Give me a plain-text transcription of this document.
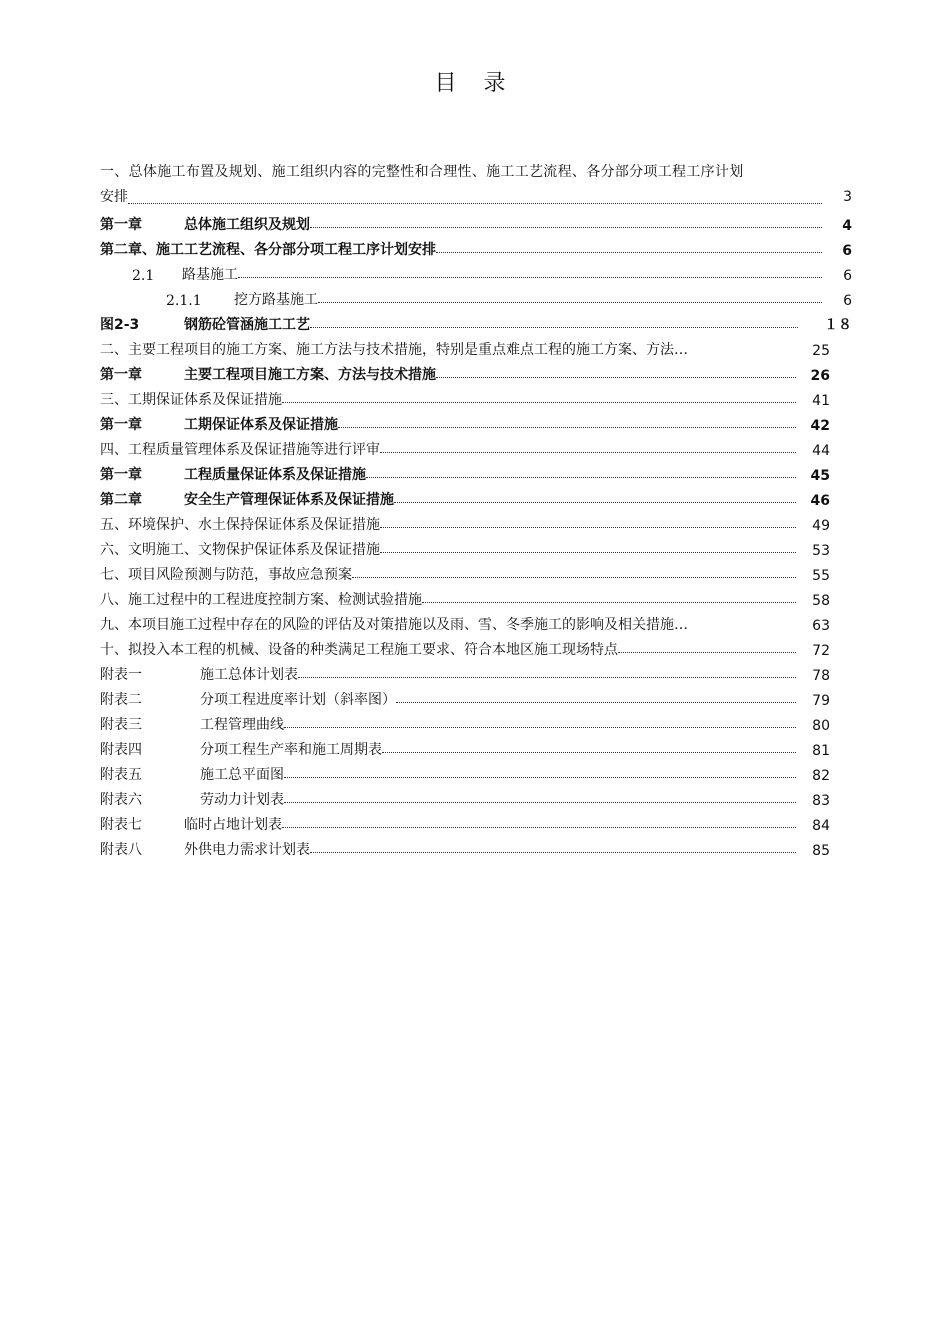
目 录
一、总体施工布置及规划、施工组织内容的完整性和合理性、施工工艺流程、各分部分项工程工序计划
安排	3
第一章	总体施工组织及规划	4
第二章、施工工艺流程、各分部分项工程工序计划安排	6
2.1	路基施工	6
2.1.1	挖方路基施工	6
图2-3	钢筋砼管涵施工工艺	１８
二、主要工程项目的施工方案、施工方法与技术措施，特别是重点难点工程的施工方案、方法…	25
第一章	主要工程项目施工方案、方法与技术措施	26
三、工期保证体系及保证措施	41
第一章	工期保证体系及保证措施	42
四、工程质量管理体系及保证措施等进行评审	44
第一章	工程质量保证体系及保证措施	45
第二章	安全生产管理保证体系及保证措施	46
五、环境保护、水土保持保证体系及保证措施	49
六、文明施工、文物保护保证体系及保证措施	53
七、项目风险预测与防范，事故应急预案	55
八、施工过程中的工程进度控制方案、检测试验措施	58
九、本项目施工过程中存在的风险的评估及对策措施以及雨、雪、冬季施工的影响及相关措施…	63
十、拟投入本工程的机械、设备的种类满足工程施工要求、符合本地区施工现场特点	72
附表一	施工总体计划表	78
附表二	分项工程进度率计划（斜率图）	79
附表三	工程管理曲线	80
附表四	分项工程生产率和施工周期表	81
附表五	施工总平面图	82
附表六	劳动力计划表	83
附表七	临时占地计划表	84
附表八	外供电力需求计划表	85
